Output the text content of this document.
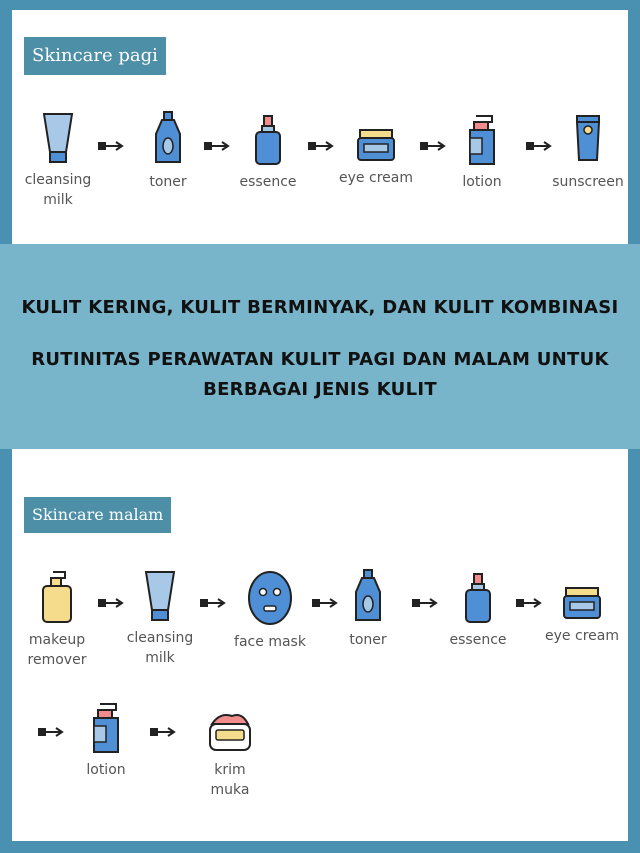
Skincare pagi
cleansing
milk
toner	essence	eye cream	lotion	sunscreen
KULIT KERING, KULIT BERMINYAK, DAN KULIT KOMBINASI
RUTINITAS PERAWATAN KULIT PAGI DAN MALAM UNTUK
BERBAGAI JENIS KULIT
Skincare malam
makeup
remover
cleansing
milk
face mask	toner	essence	eye cream
lotion	krim
muka
